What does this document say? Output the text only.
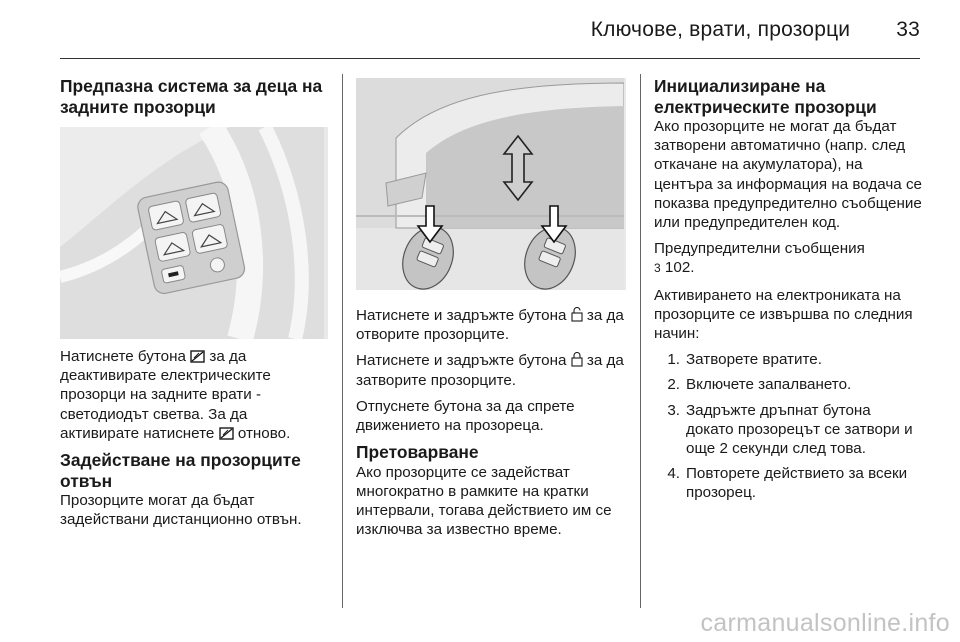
Ключове, врати, прозорци 33
Предпазна система за деца на задните прозорци

Натиснете бутона за да деактивирате електрическите прозорци на задните врати - светодиодът светва. За да активирате натиснете отново.

Задействане на прозорците отвън

Прозорците могат да бъдат задействани дистанционно отвън.

Натиснете и задръжте бутона за да отворите прозорците.

Натиснете и задръжте бутона за да затворите прозорците.

Отпуснете бутона за да спрете движението на прозореца.

Претоварване

Ако прозорците се задействат многократно в рамките на кратки интервали, тогава действието им се изключва за известно време.

Инициализиране на електрическите прозорци

Ако прозорците не могат да бъдат затворени автоматично (напр. след откачане на акумулатора), на центъра за информация на водача се показва предупредително съобщение или предупредителен код.

Предупредителни съобщения
3 102.

Активирането на електрониката на прозорците се извършва по следния начин:

1. Затворете вратите.
2. Включете запалването.
3. Задръжте дръпнат бутона докато прозорецът се затвори и още 2 секунди след това.
4. Повторете действието за всеки прозорец.
carmanualsonline.info
